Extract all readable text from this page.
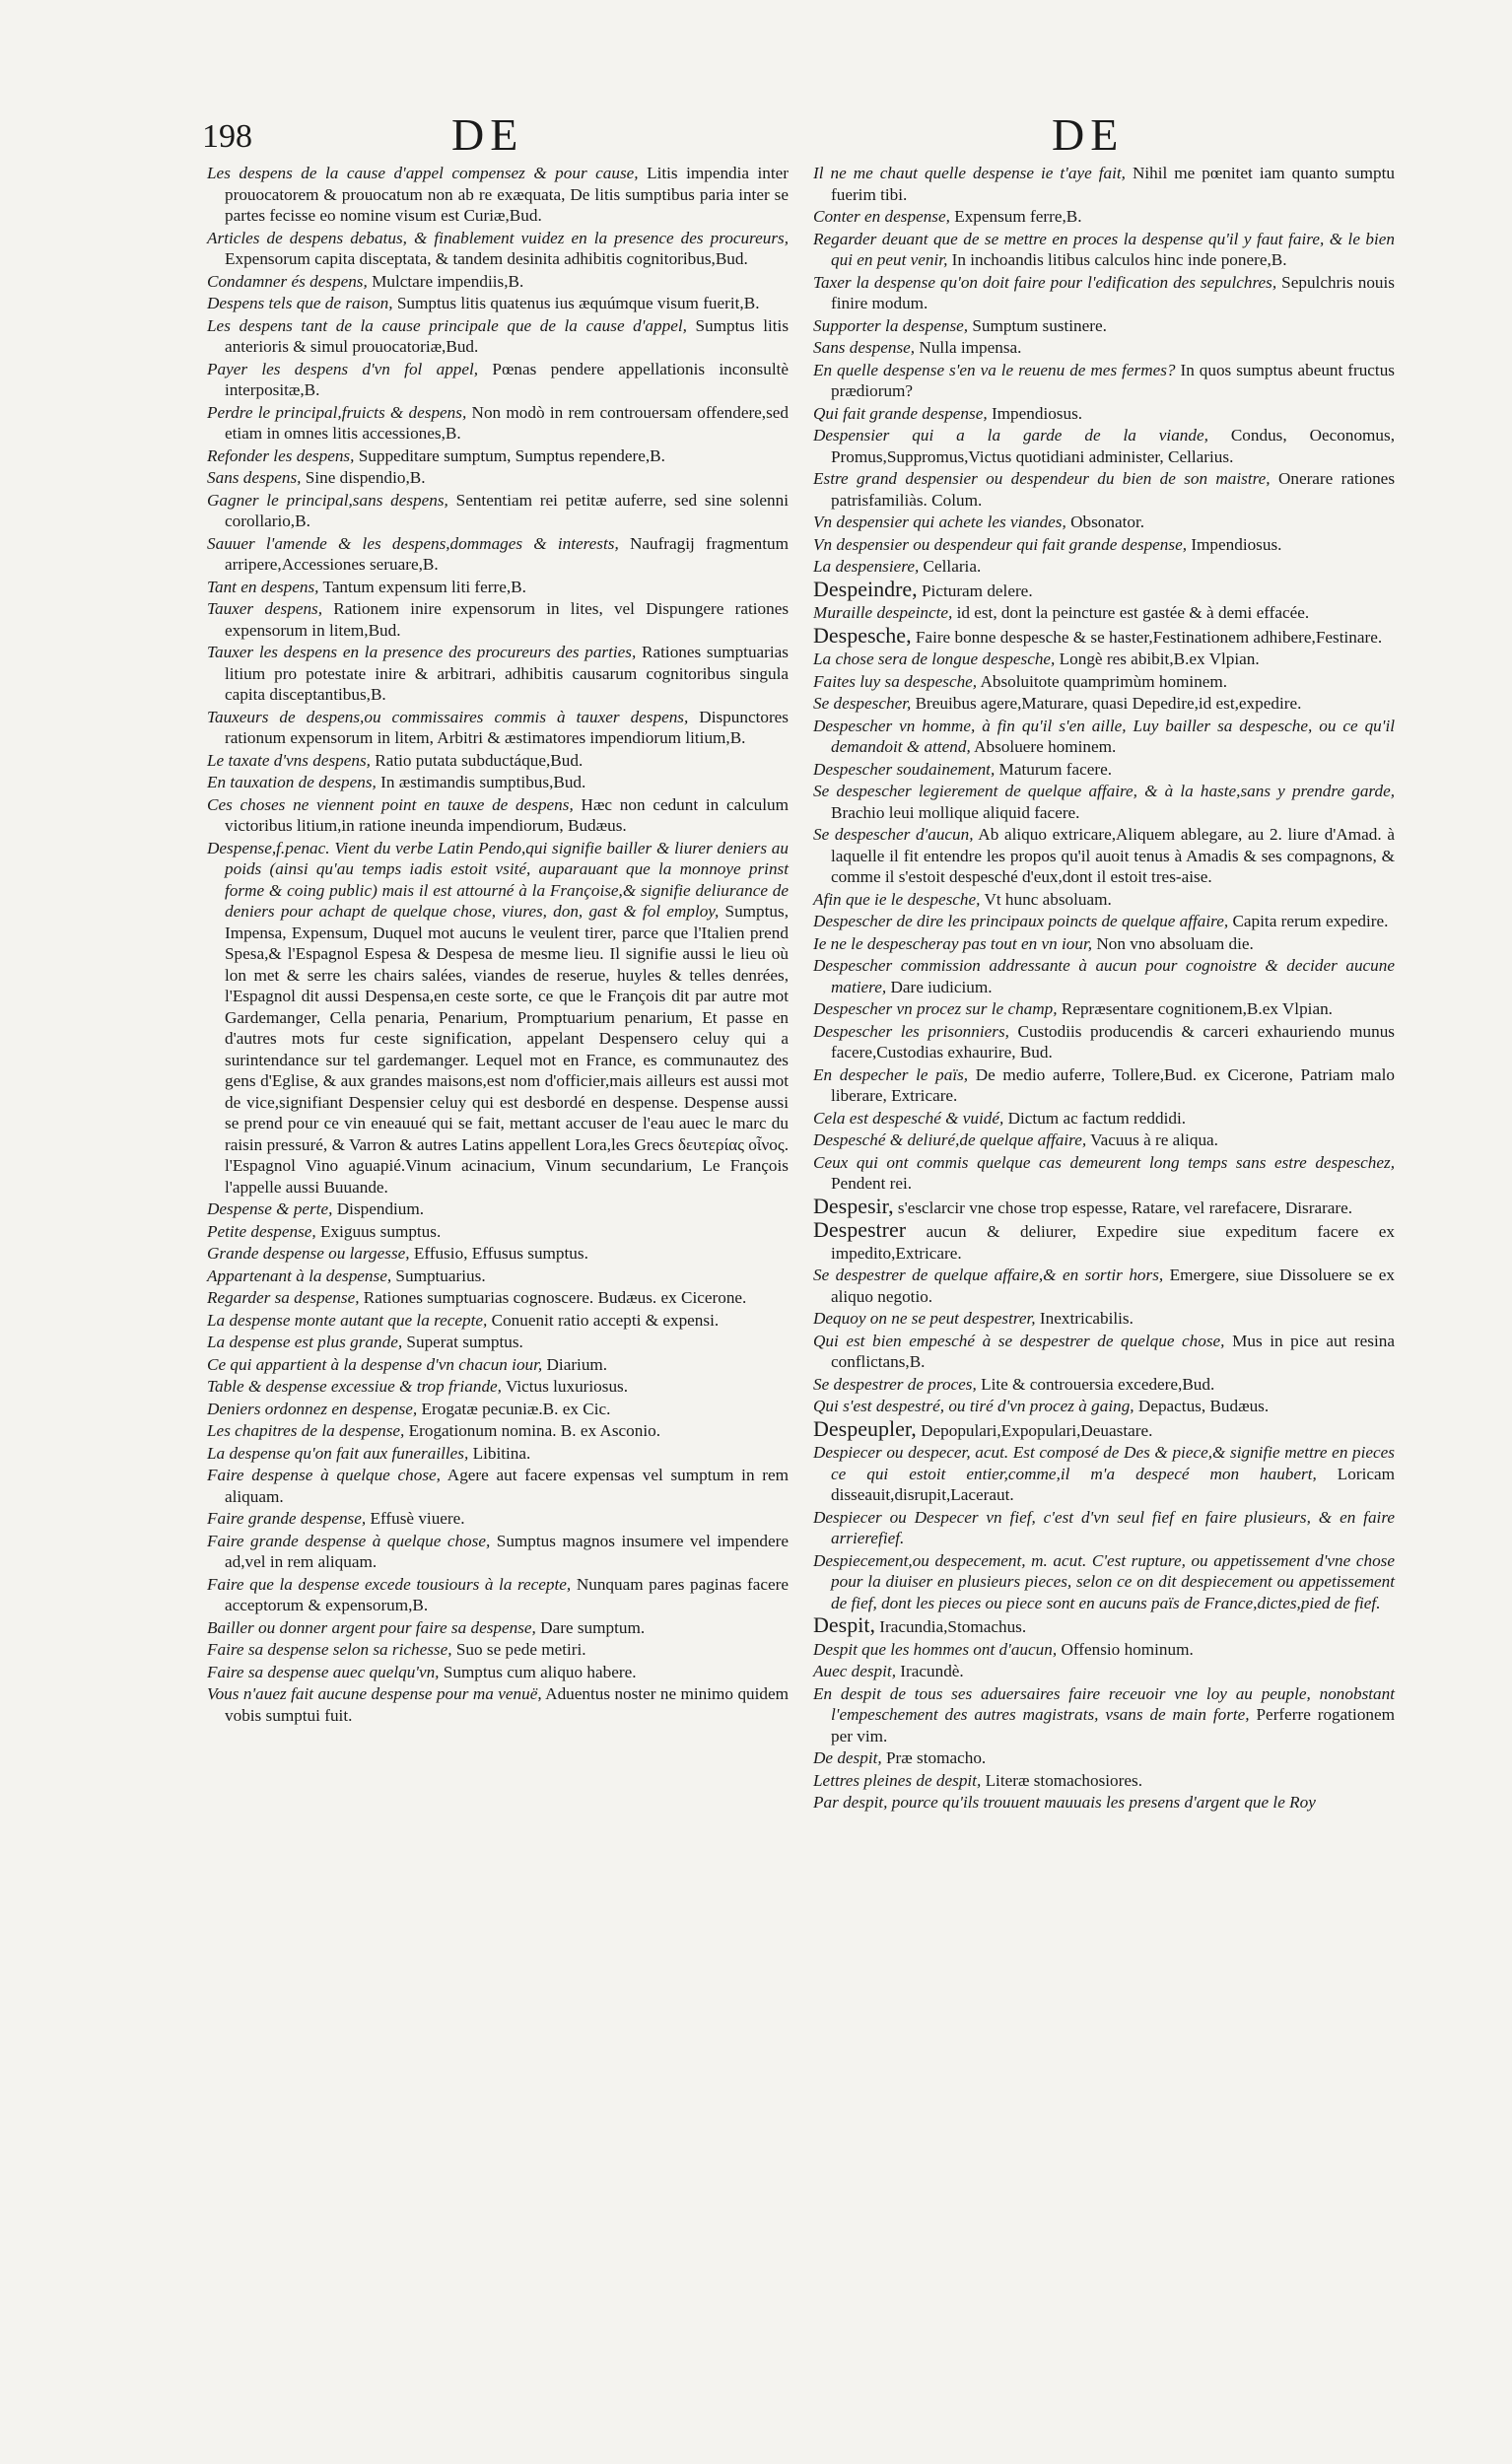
198	DE	DE
Les despens de la cause d'appel compensez & pour cause, Litis impendia inter prouocatorem & prouocatum non ab re exæquata, De litis sumptibus paria inter se partes fecisse eo nomine visum est Curiæ,Bud.
Articles de despens debatus, & finablement vuidez en la presence des procureurs, Expensorum capita disceptata, & tandem desinita adhibitis cognitoribus,Bud.
Condamner és despens, Mulctare impendiis,B.
Despens tels que de raison, Sumptus litis quatenus ius æquúmque visum fuerit,B.
Les despens tant de la cause principale que de la cause d'appel, Sumptus litis anterioris & simul prouocatoriæ,Bud.
Payer les despens d'vn fol appel, Pœnas pendere appellationis inconsultè interpositæ,B.
Perdre le principal,fruicts & despens, Non modò in rem controuersam offendere,sed etiam in omnes litis accessiones,B.
Refonder les despens, Suppeditare sumptum, Sumptus rependere,B.
Sans despens, Sine dispendio,B.
Gagner le principal,sans despens, Sententiam rei petitæ auferre, sed sine solenni corollario,B.
Sauuer l'amende & les despens,dommages & interests, Naufragij fragmentum arripere,Accessiones seruare,B.
Tant en despens, Tantum expensum liti ferre,B.
Tauxer despens, Rationem inire expensorum in lites, vel Dispungere rationes expensorum in litem,Bud.
Tauxer les despens en la presence des procureurs des parties, Rationes sumptuarias litium pro potestate inire & arbitrari, adhibitis causarum cognitoribus singula capita disceptantibus,B.
Tauxeurs de despens,ou commissaires commis à tauxer despens, Dispunctores rationum expensorum in litem, Arbitri & æstimatores impendiorum litium,B.
Le taxate d'vns despens, Ratio putata subductáque,Bud.
En tauxation de despens, In æstimandis sumptibus,Bud.
Ces choses ne viennent point en tauxe de despens, Hæc non cedunt in calculum victoribus litium,in ratione ineunda impendiorum, Budæus.
Despense,f.penac. Vient du verbe Latin Pendo,qui signifie bailler & liurer deniers au poids (ainsi qu'au temps iadis estoit vsité, auparauant que la monnoye prinst forme & coing public) mais il est attourné à la Françoise,& signifie deliurance de deniers pour achapt de quelque chose, viures, don, gast & fol employ, Sumptus, Impensa, Expensum, Duquel mot aucuns le veulent tirer, parce que l'Italien prend Spesa,& l'Espagnol Espesa & Despesa de mesme lieu. Il signifie aussi le lieu où lon met & serre les chairs salées, viandes de reserue, huyles & telles denrées, l'Espagnol dit aussi Despensa,en ceste sorte, ce que le François dit par autre mot Gardemanger, Cella penaria, Penarium, Promptuarium penarium, Et passe en d'autres mots fur ceste signification, appelant Despensero celuy qui a surintendance sur tel gardemanger. Lequel mot en France, es communautez des gens d'Eglise, & aux grandes maisons,est nom d'officier,mais ailleurs est aussi mot de vice,signifiant Despensier celuy qui est desbordé en despense. Despense aussi se prend pour ce vin eneauué qui se fait, mettant accuser de l'eau auec le marc du raisin pressuré, & Varron & autres Latins appellent Lora,les Grecs δευτερίας οἶνος. l'Espagnol Vino aguapié.Vinum acinacium, Vinum secundarium, Le François l'appelle aussi Buuande.
Despense & perte, Dispendium.
Petite despense, Exiguus sumptus.
Grande despense ou largesse, Effusio, Effusus sumptus.
Appartenant à la despense, Sumptuarius.
Regarder sa despense, Rationes sumptuarias cognoscere. Budæus. ex Cicerone.
La despense monte autant que la recepte, Conuenit ratio accepti & expensi.
La despense est plus grande, Superat sumptus.
Ce qui appartient à la despense d'vn chacun iour, Diarium.
Table & despense excessiue & trop friande, Victus luxuriosus.
Deniers ordonnez en despense, Erogatæ pecuniæ.B. ex Cic.
Les chapitres de la despense, Erogationum nomina. B. ex Asconio.
La despense qu'on fait aux funerailles, Libitina.
Faire despense à quelque chose, Agere aut facere expensas vel sumptum in rem aliquam.
Faire grande despense, Effusè viuere.
Faire grande despense à quelque chose, Sumptus magnos insumere vel impendere ad,vel in rem aliquam.
Faire que la despense excede tousiours à la recepte, Nunquam pares paginas facere acceptorum & expensorum,B.
Bailler ou donner argent pour faire sa despense, Dare sumptum.
Faire sa despense selon sa richesse, Suo se pede metiri.
Faire sa despense auec quelqu'vn, Sumptus cum aliquo habere.
Vous n'auez fait aucune despense pour ma venuë, Aduentus noster ne minimo quidem vobis sumptui fuit.
Il ne me chaut quelle despense ie t'aye fait, Nihil me pœnitet iam quanto sumptu fuerim tibi.
Conter en despense, Expensum ferre,B.
Regarder deuant que de se mettre en proces la despense qu'il y faut faire, & le bien qui en peut venir, In inchoandis litibus calculos hinc inde ponere,B.
Taxer la despense qu'on doit faire pour l'edification des sepulchres, Sepulchris nouis finire modum.
Supporter la despense, Sumptum sustinere.
Sans despense, Nulla impensa.
En quelle despense s'en va le reuenu de mes fermes? In quos sumptus abeunt fructus prædiorum?
Qui fait grande despense, Impendiosus.
Despensier qui a la garde de la viande, Condus, Oeconomus, Promus,Suppromus,Victus quotidiani administer, Cellarius.
Estre grand despensier ou despendeur du bien de son maistre, Onerare rationes patrisfamiliàs. Colum.
Vn despensier qui achete les viandes, Obsonator.
Vn despensier ou despendeur qui fait grande despense, Impendiosus.
La despensiere, Cellaria.
Despeindre, Picturam delere.
Muraille despeincte, id est, dont la peincture est gastée & à demi effacée.
Despesche, Faire bonne despesche & se haster,Festinationem adhibere,Festinare.
La chose sera de longue despesche, Longè res abibit,B.ex Vlpian.
Faites luy sa despesche, Absoluitote quamprimùm hominem.
Se despescher, Breuibus agere,Maturare, quasi Depedire,id est,expedire.
Despescher vn homme, à fin qu'il s'en aille, Luy bailler sa despesche, ou ce qu'il demandoit & attend, Absoluere hominem.
Despescher soudainement, Maturum facere.
Se despescher legierement de quelque affaire, & à la haste,sans y prendre garde, Brachio leui mollique aliquid facere.
Se despescher d'aucun, Ab aliquo extricare,Aliquem ablegare, au 2. liure d'Amad. à laquelle il fit entendre les propos qu'il auoit tenus à Amadis & ses compagnons, & comme il s'estoit despesché d'eux,dont il estoit tres-aise.
Afin que ie le despesche, Vt hunc absoluam.
Despescher de dire les principaux poincts de quelque affaire, Capita rerum expedire.
Ie ne le despescheray pas tout en vn iour, Non vno absoluam die.
Despescher commission addressante à aucun pour cognoistre & decider aucune matiere, Dare iudicium.
Despescher vn procez sur le champ, Repræsentare cognitionem,B.ex Vlpian.
Despescher les prisonniers, Custodiis producendis & carceri exhauriendo munus facere,Custodias exhaurire, Bud.
En despecher le païs, De medio auferre, Tollere,Bud. ex Cicerone, Patriam malo liberare, Extricare.
Cela est despesché & vuidé, Dictum ac factum reddidi.
Despesché & deliuré,de quelque affaire, Vacuus à re aliqua.
Ceux qui ont commis quelque cas demeurent long temps sans estre despeschez, Pendent rei.
Despesir, s'esclarcir vne chose trop espesse, Ratare, vel rarefacere, Disrarare.
Despestrer aucun & deliurer, Expedire siue expeditum facere ex impedito,Extricare.
Se despestrer de quelque affaire,& en sortir hors, Emergere, siue Dissoluere se ex aliquo negotio.
Dequoy on ne se peut despestrer, Inextricabilis.
Qui est bien empesché à se despestrer de quelque chose, Mus in pice aut resina conflictans,B.
Se despestrer de proces, Lite & controuersia excedere,Bud.
Qui s'est despestré, ou tiré d'vn procez à gaing, Depactus, Budæus.
Despeupler, Depopulari,Expopulari,Deuastare.
Despiecer ou despecer, acut. Est composé de Des & piece,& signifie mettre en pieces ce qui estoit entier,comme,il m'a despecé mon haubert, Loricam disseauit,disrupit,Laceraut.
Despiecer ou Despecer vn fief, c'est d'vn seul fief en faire plusieurs, & en faire arrierefief.
Despiecement,ou despecement, m. acut. C'est rupture, ou appetissement d'vne chose pour la diuiser en plusieurs pieces, selon ce on dit despiecement ou appetissement de fief, dont les pieces ou piece sont en aucuns païs de France,dictes,pied de fief.
Despit, Iracundia,Stomachus.
Despit que les hommes ont d'aucun, Offensio hominum.
Auec despit, Iracundè.
En despit de tous ses aduersaires faire receuoir vne loy au peuple, nonobstant l'empeschement des autres magistrats, vsans de main forte, Perferre rogationem per vim.
De despit, Præ stomacho.
Lettres pleines de despit, Literæ stomachosiores.
Par despit, pource qu'ils trouuent mauuais les presens d'argent que le Roy
